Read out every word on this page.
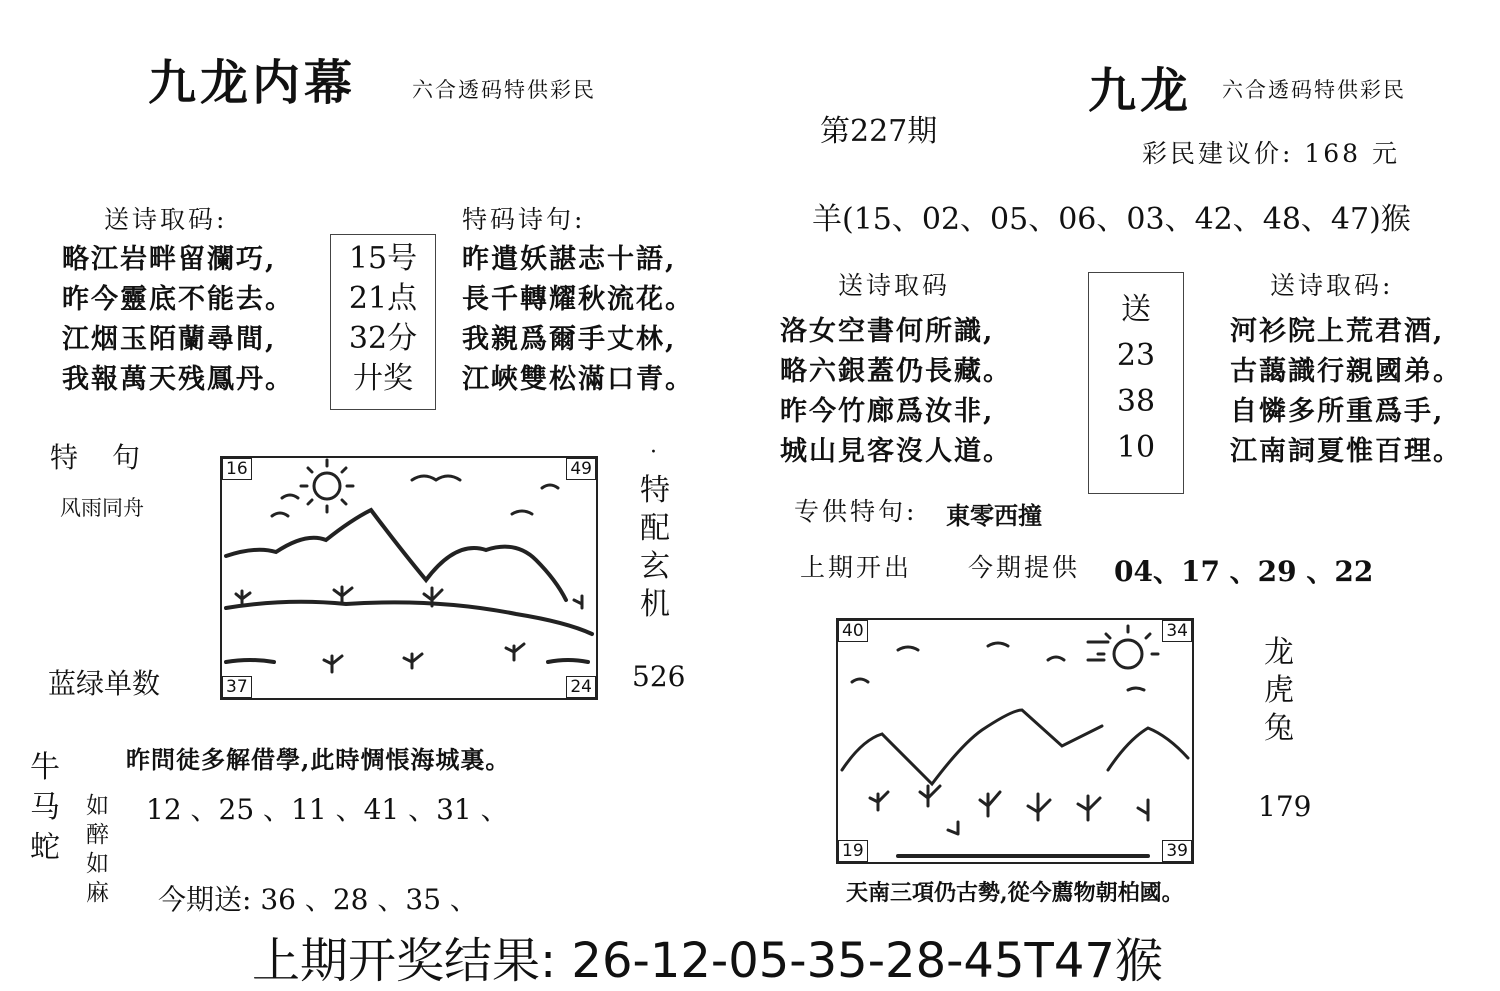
九龙内幕	六合透码特供彩民
送诗取码:
略江岩畔留瀾巧,
昨今靈底不能去。
江烟玉陌蘭尋間,
我報萬天残鳳丹。
15号
21点
32分
廾奖
特码诗句:
昨遣妖諶志十語,
長千轉耀秋流花。
我親爲爾手丈林,
江峽雙松滿口青。
特　句
风雨同舟
16	49
37	24
·
特
配
玄
机
526
蓝绿单数
牛
马
蛇
如
醉
如
麻
昨問徒多解借學,此時惆悵海城裏。
12 、25 、11 、41 、31 、
今期送: 36 、28 、35 、
第227期
九龙 六合透码特供彩民
彩民建议价: 168 元
羊(15、02、05、06、03、42、48、47)猴
送诗取码
洛女空書何所識,
略六銀蓋仍長藏。
昨今竹廊爲汝非,
城山見客沒人道。
送
23
38
10
送诗取码:
河衫院上荒君酒,
古藹識行親國弟。
自憐多所重爲手,
江南詞夏惟百理。
专供特句: 東零西撞
上期开出 今期提供 04、17 、29 、22
40	34
19	39
龙
虎
兔
179
天南三項仍古勢,從今薦物朝柏國。
上期开奖结果: 26-12-05-35-28-45T47猴
